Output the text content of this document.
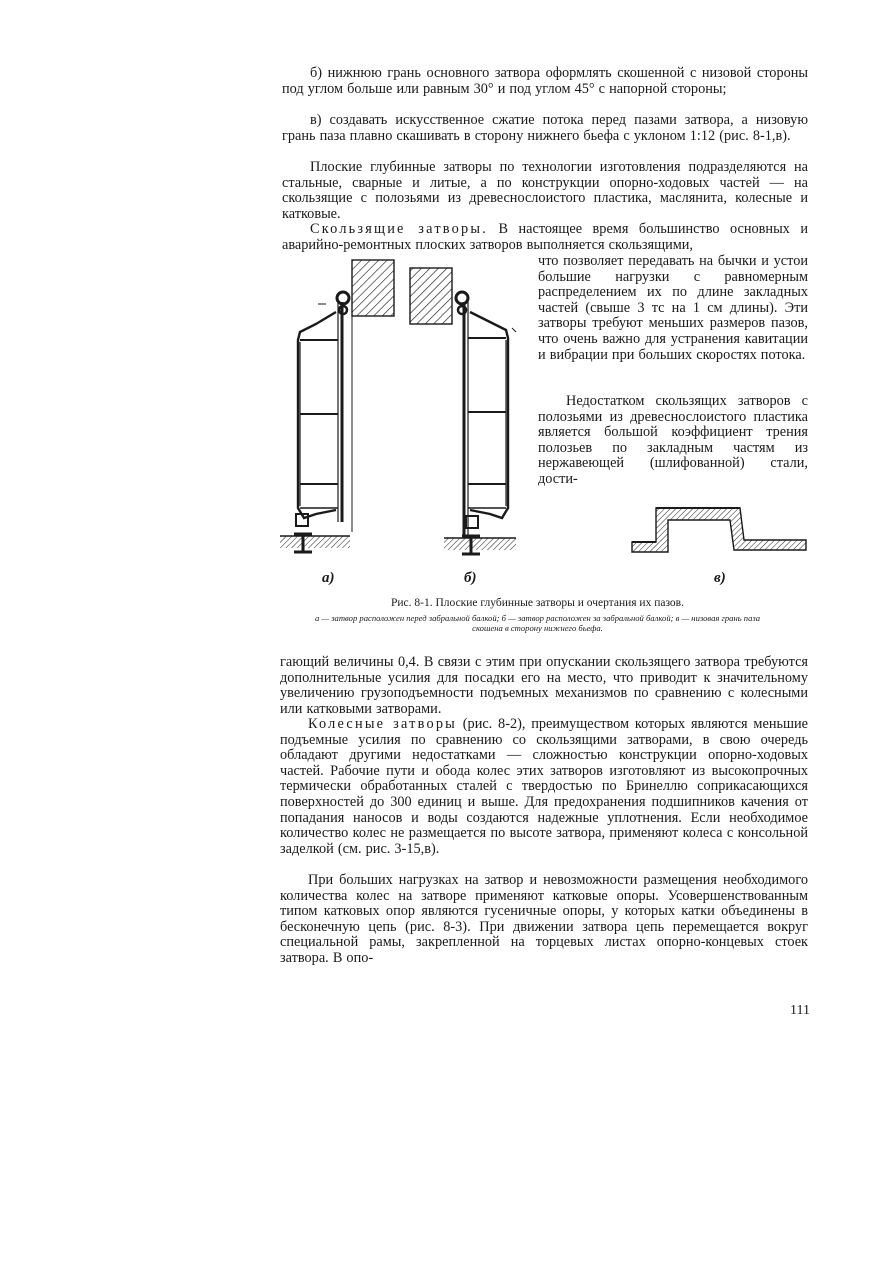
б) нижнюю грань основного затвора оформлять скошенной с низовой стороны под углом больше или равным 30° и под углом 45° с напорной стороны;

в) создавать искусственное сжатие потока перед пазами затвора, а низовую грань паза плавно скашивать в сторону нижнего бьефа с уклоном 1:12 (рис. 8-1,в).

Плоские глубинные затворы по технологии изготовления подразделяются на стальные, сварные и литые, а по конструкции опорно-ходовых частей — на скользящие с полозьями из древеснослоистого пластика, маслянита, колесные и катковые.

Скользящие затворы. В настоящее время большинство основных и аварийно-ремонтных плоских затворов выполняется скользящими,

что позволяет передавать на бычки и устои большие нагрузки с равномерным распределением их по длине закладных частей (свыше 3 тс на 1 см длины). Эти затворы требуют меньших размеров пазов, что очень важно для устранения кавитации и вибрации при больших скоростях потока.

Недостатком скользящих затворов с полозьями из древеснослоистого пластика является большой коэффициент трения полозьев по закладным частям из нержавеющей (шлифованной) стали, дости-

а)	б)	в)
Рис. 8-1. Плоские глубинные затворы и очертания их пазов.
а — затвор расположен перед забральной балкой; б — затвор расположен за забральной балкой; в — низовая грань паза скошена в сторону нижнего бьефа.

гающий величины 0,4. В связи с этим при опускании скользящего затвора требуются дополнительные усилия для посадки его на место, что приводит к значительному увеличению грузоподъемности подъемных механизмов по сравнению с колесными или катковыми затворами.

Колесные затворы (рис. 8-2), преимуществом которых являются меньшие подъемные усилия по сравнению со скользящими затворами, в свою очередь обладают другими недостатками — сложностью конструкции опорно-ходовых частей. Рабочие пути и обода колес этих затворов изготовляют из высокопрочных термически обработанных сталей с твердостью по Бринеллю соприкасающихся поверхностей до 300 единиц и выше. Для предохранения подшипников качения от попадания наносов и воды создаются надежные уплотнения. Если необходимое количество колес не размещается по высоте затвора, применяют колеса с консольной заделкой (см. рис. 3-15,в).

При больших нагрузках на затвор и невозможности размещения необходимого количества колес на затворе применяют катковые опоры. Усовершенствованным типом катковых опор являются гусеничные опоры, у которых катки объединены в бесконечную цепь (рис. 8-3). При движении затвора цепь перемещается вокруг специальной рамы, закрепленной на торцевых листах опорно-концевых стоек затвора. В опо-

111
